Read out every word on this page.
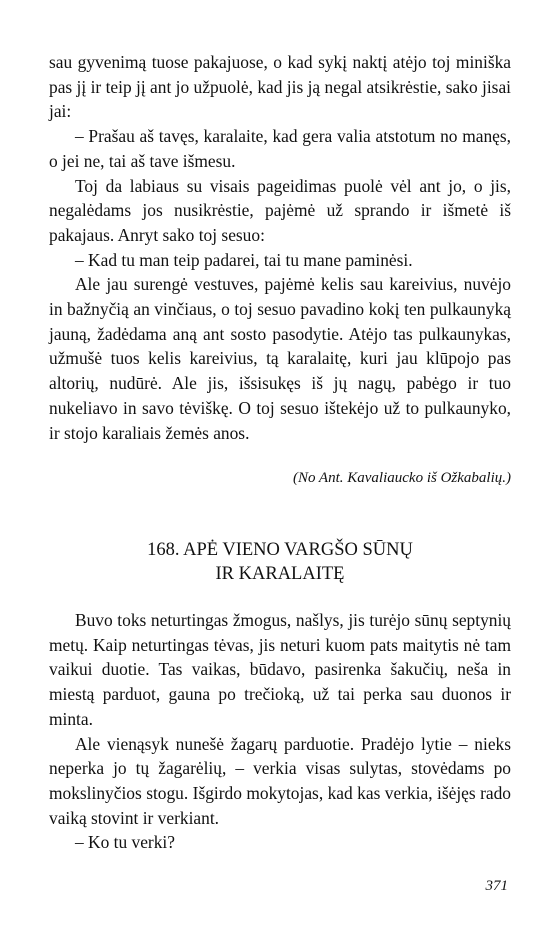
sau gyvenimą tuose pakajuose, o kad sykį naktį atėjo toj miniška pas jį ir teip jį ant jo užpuolė, kad jis ją negal atsikrėstie, sako jisai jai:

– Prašau aš tavęs, karalaite, kad gera valia atstotum no manęs, o jei ne, tai aš tave išmesu.

Toj da labiaus su visais pageidimas puolė vėl ant jo, o jis, negalėdams jos nusikrėstie, pajėmė už sprando ir išmetė iš pakajaus. Anryt sako toj sesuo:

– Kad tu man teip padarei, tai tu mane paminėsi.

Ale jau surengė vestuves, pajėmė kelis sau kareivius, nuvėjo in bažnyčią an vinčiaus, o toj sesuo pavadino kokį ten pulkaunyką jauną, žadėdama aną ant sosto pasodytie. Atėjo tas pulkaunykas, užmušė tuos kelis kareivius, tą karalaitę, kuri jau klūpojo pas altorių, nudūrė. Ale jis, išsisukęs iš jų nagų, pabėgo ir tuo nukeliavo in savo tėviškę. O toj sesuo ištekėjo už to pulkaunyko, ir stojo karaliais žemės anos.

(No Ant. Kavaliaucko iš Ožkabalių.)
168. APĖ VIENO VARGŠO SŪNŲ
IR KARALAITĘ

Buvo toks neturtingas žmogus, našlys, jis turėjo sūnų septynių metų. Kaip neturtingas tėvas, jis neturi kuom pats maitytis nė tam vaikui duotie. Tas vaikas, būdavo, pasirenka šakučių, neša in miestą parduot, gauna po trečioką, už tai perka sau duonos ir minta.

Ale vienąsyk nunešė žagarų parduotie. Pradėjo lytie – nieks neperka jo tų žagarėlių, – verkia visas sulytas, stovėdams po mokslinyčios stogu. Išgirdo mokytojas, kad kas verkia, išėjęs rado vaiką stovint ir verkiant.

– Ko tu verki?

371
